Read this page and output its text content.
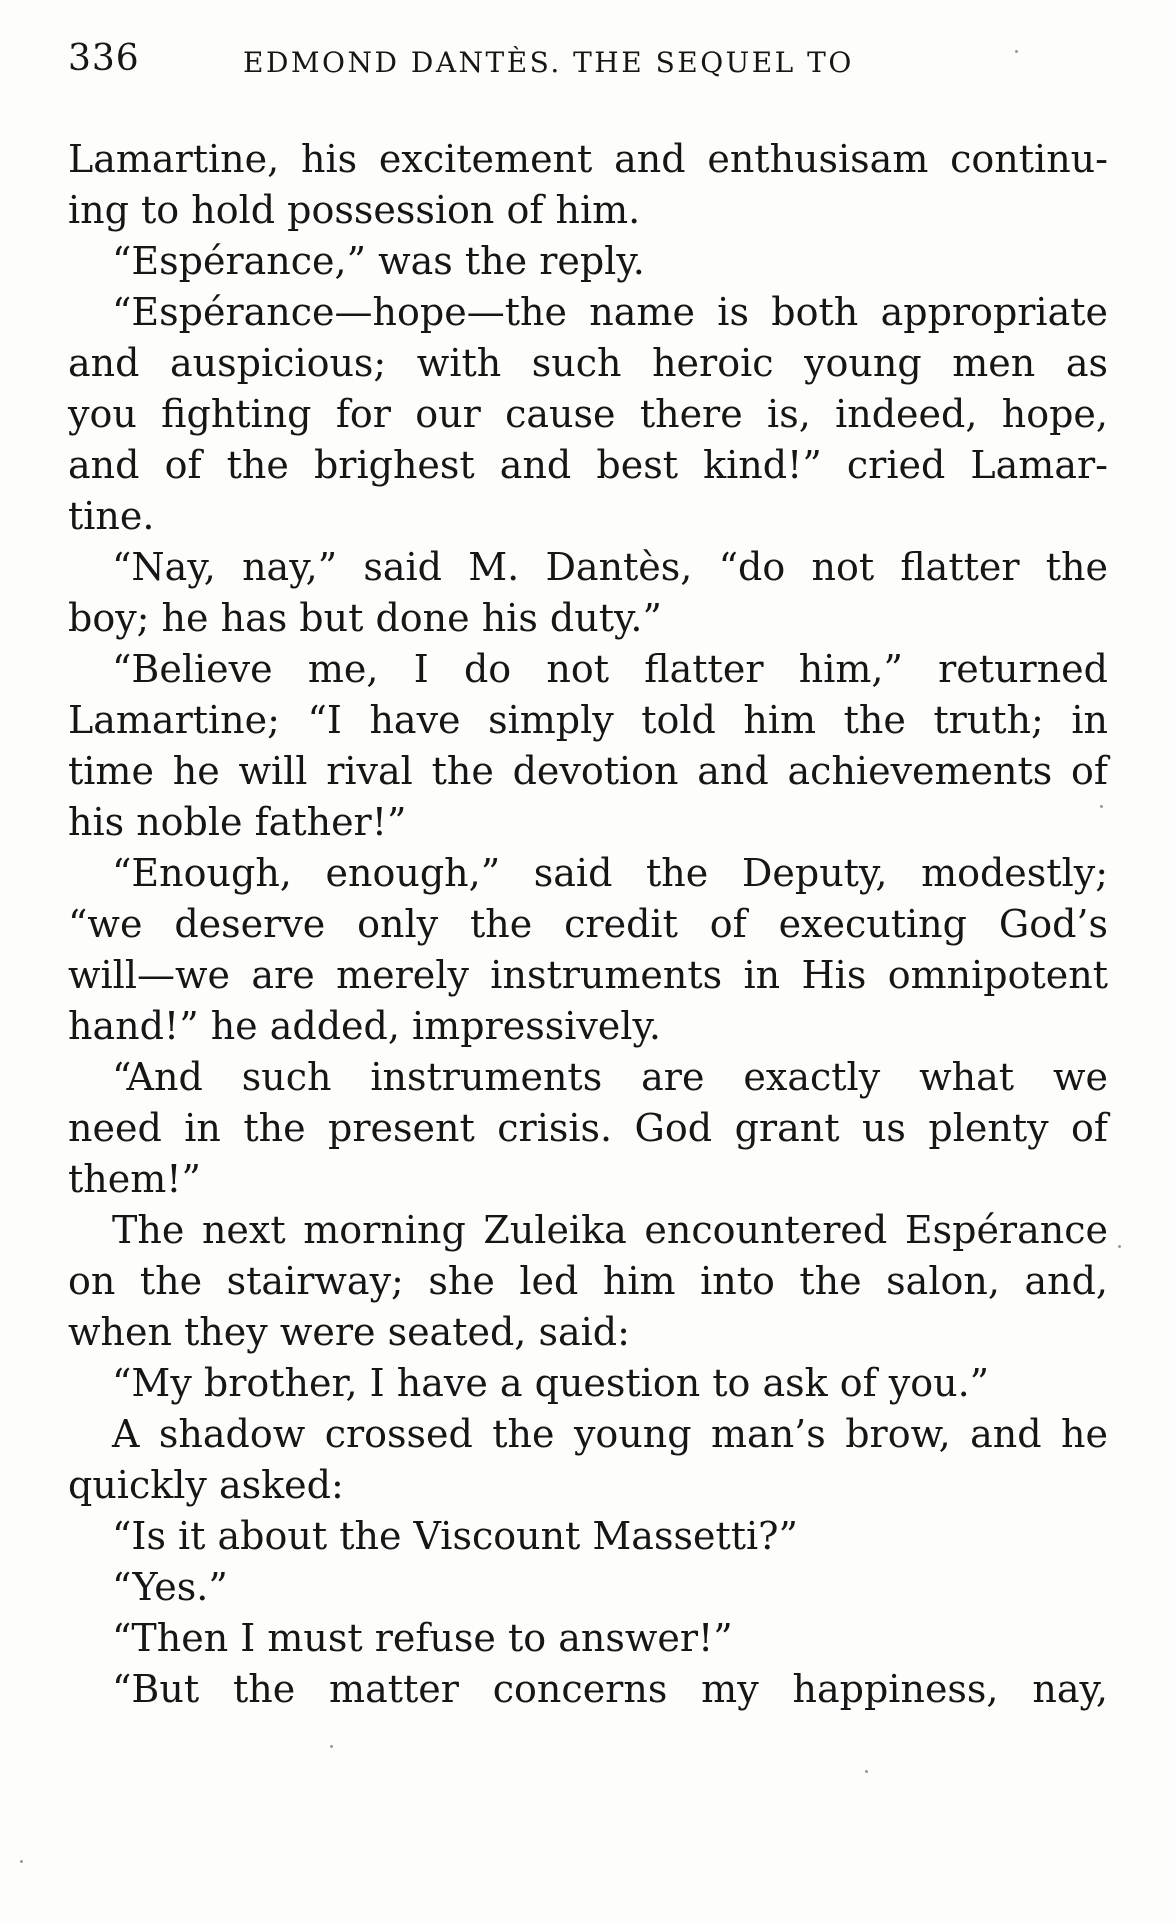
336	EDMOND DANTÈS. THE SEQUEL TO
Lamartine, his excitement and enthusisam continu-
ing to hold possession of him.
“Espérance,” was the reply.
“Espérance—hope—the name is both appropriate
and auspicious; with such heroic young men as
you fighting for our cause there is, indeed, hope,
and of the brighest and best kind!” cried Lamar-
tine.
“Nay, nay,” said M. Dantès, “do not flatter the
boy; he has but done his duty.”
“Believe me, I do not flatter him,” returned
Lamartine; “I have simply told him the truth; in
time he will rival the devotion and achievements of
his noble father!”
“Enough, enough,” said the Deputy, modestly;
“we deserve only the credit of executing God’s
will—we are merely instruments in His omnipotent
hand!” he added, impressively.
“And such instruments are exactly what we
need in the present crisis. God grant us plenty of
them!”
The next morning Zuleika encountered Espérance
on the stairway; she led him into the salon, and,
when they were seated, said:
“My brother, I have a question to ask of you.”
A shadow crossed the young man’s brow, and he
quickly asked:
“Is it about the Viscount Massetti?”
“Yes.”
“Then I must refuse to answer!”
“But the matter concerns my happiness, nay,
